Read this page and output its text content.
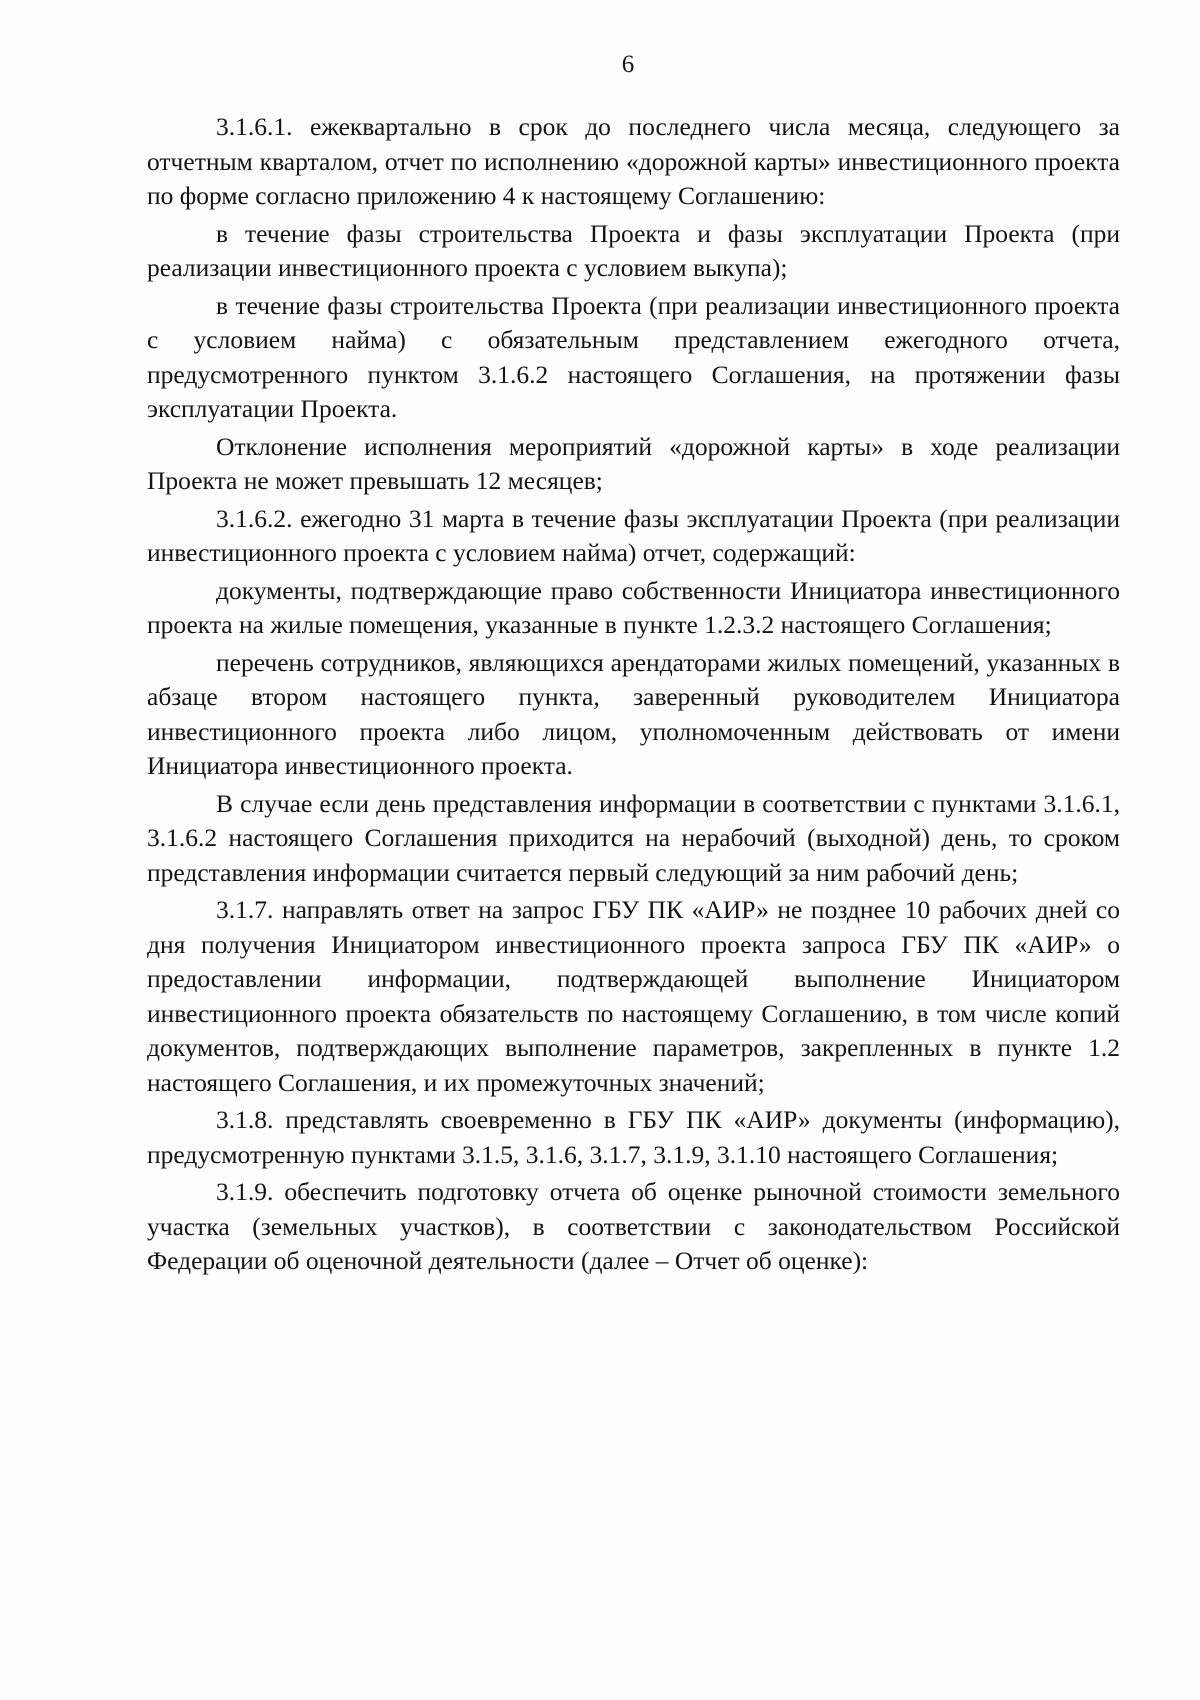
6

3.1.6.1. ежеквартально в срок до последнего числа месяца, следующего за отчетным кварталом, отчет по исполнению «дорожной карты» инвестиционного проекта по форме согласно приложению 4 к настоящему Соглашению:

в течение фазы строительства Проекта и фазы эксплуатации Проекта (при реализации инвестиционного проекта с условием выкупа);

в течение фазы строительства Проекта (при реализации инвестиционного проекта с условием найма) с обязательным представлением ежегодного отчета, предусмотренного пунктом 3.1.6.2 настоящего Соглашения, на протяжении фазы эксплуатации Проекта.

Отклонение исполнения мероприятий «дорожной карты» в ходе реализации Проекта не может превышать 12 месяцев;

3.1.6.2. ежегодно 31 марта в течение фазы эксплуатации Проекта (при реализации инвестиционного проекта с условием найма) отчет, содержащий:

документы, подтверждающие право собственности Инициатора инвестиционного проекта на жилые помещения, указанные в пункте 1.2.3.2 настоящего Соглашения;

перечень сотрудников, являющихся арендаторами жилых помещений, указанных в абзаце втором настоящего пункта, заверенный руководителем Инициатора инвестиционного проекта либо лицом, уполномоченным действовать от имени Инициатора инвестиционного проекта.

В случае если день представления информации в соответствии с пунктами 3.1.6.1, 3.1.6.2 настоящего Соглашения приходится на нерабочий (выходной) день, то сроком представления информации считается первый следующий за ним рабочий день;

3.1.7. направлять ответ на запрос ГБУ ПК «АИР» не позднее 10 рабочих дней со дня получения Инициатором инвестиционного проекта запроса ГБУ ПК «АИР» о предоставлении информации, подтверждающей выполнение Инициатором инвестиционного проекта обязательств по настоящему Соглашению, в том числе копий документов, подтверждающих выполнение параметров, закрепленных в пункте 1.2 настоящего Соглашения, и их промежуточных значений;

3.1.8. представлять своевременно в ГБУ ПК «АИР» документы (информацию), предусмотренную пунктами 3.1.5, 3.1.6, 3.1.7, 3.1.9, 3.1.10 настоящего Соглашения;

3.1.9. обеспечить подготовку отчета об оценке рыночной стоимости земельного участка (земельных участков), в соответствии с законодательством Российской Федерации об оценочной деятельности (далее – Отчет об оценке):
